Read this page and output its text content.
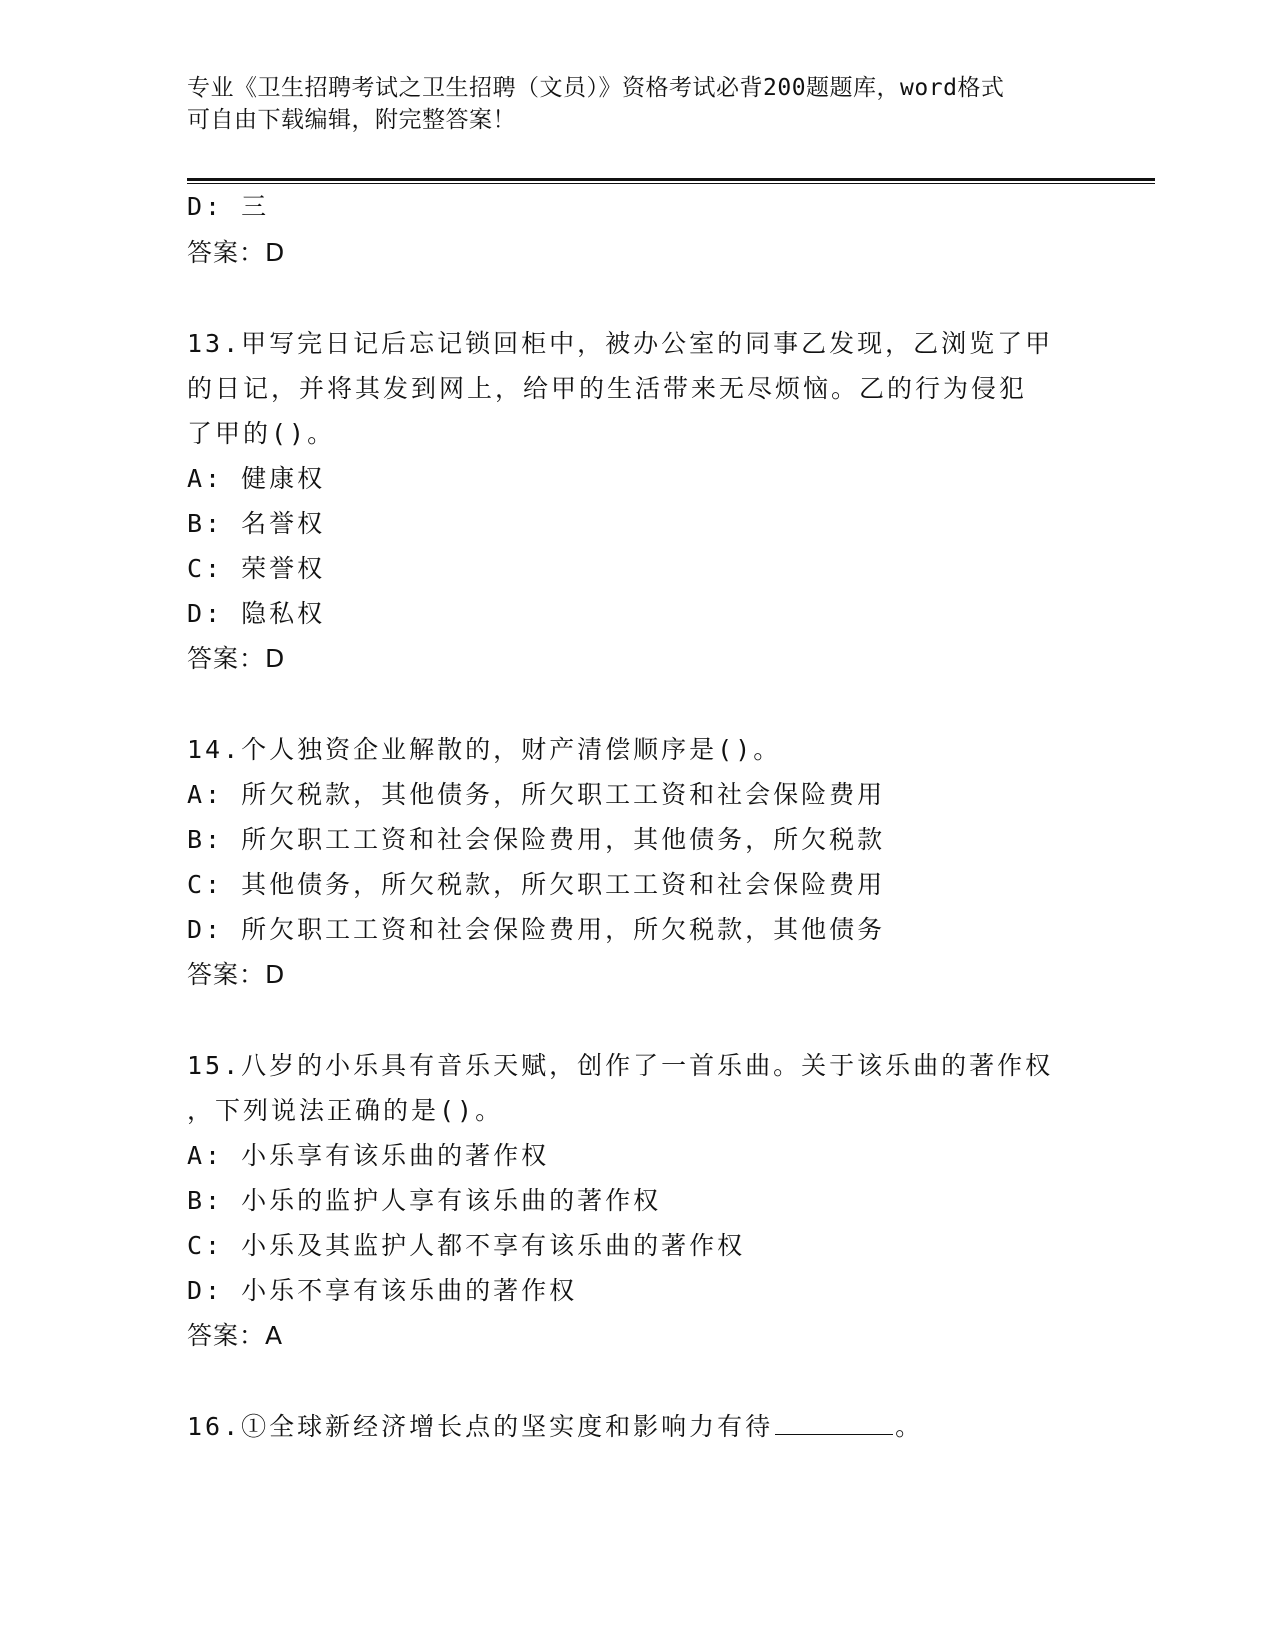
专业《卫生招聘考试之卫生招聘（文员）》资格考试必背200题题库，word格式
可自由下载编辑，附完整答案！
D: 三
答案：D
13.甲写完日记后忘记锁回柜中，被办公室的同事乙发现，乙浏览了甲
的日记，并将其发到网上，给甲的生活带来无尽烦恼。乙的行为侵犯
了甲的()。
A: 健康权
B: 名誉权
C: 荣誉权
D: 隐私权
答案：D
14.个人独资企业解散的，财产清偿顺序是()。
A: 所欠税款，其他债务，所欠职工工资和社会保险费用
B: 所欠职工工资和社会保险费用，其他债务，所欠税款
C: 其他债务，所欠税款，所欠职工工资和社会保险费用
D: 所欠职工工资和社会保险费用，所欠税款，其他债务
答案：D
15.八岁的小乐具有音乐天赋，创作了一首乐曲。关于该乐曲的著作权
，下列说法正确的是()。
A: 小乐享有该乐曲的著作权
B: 小乐的监护人享有该乐曲的著作权
C: 小乐及其监护人都不享有该乐曲的著作权
D: 小乐不享有该乐曲的著作权
答案：A
16.①全球新经济增长点的坚实度和影响力有待	。
